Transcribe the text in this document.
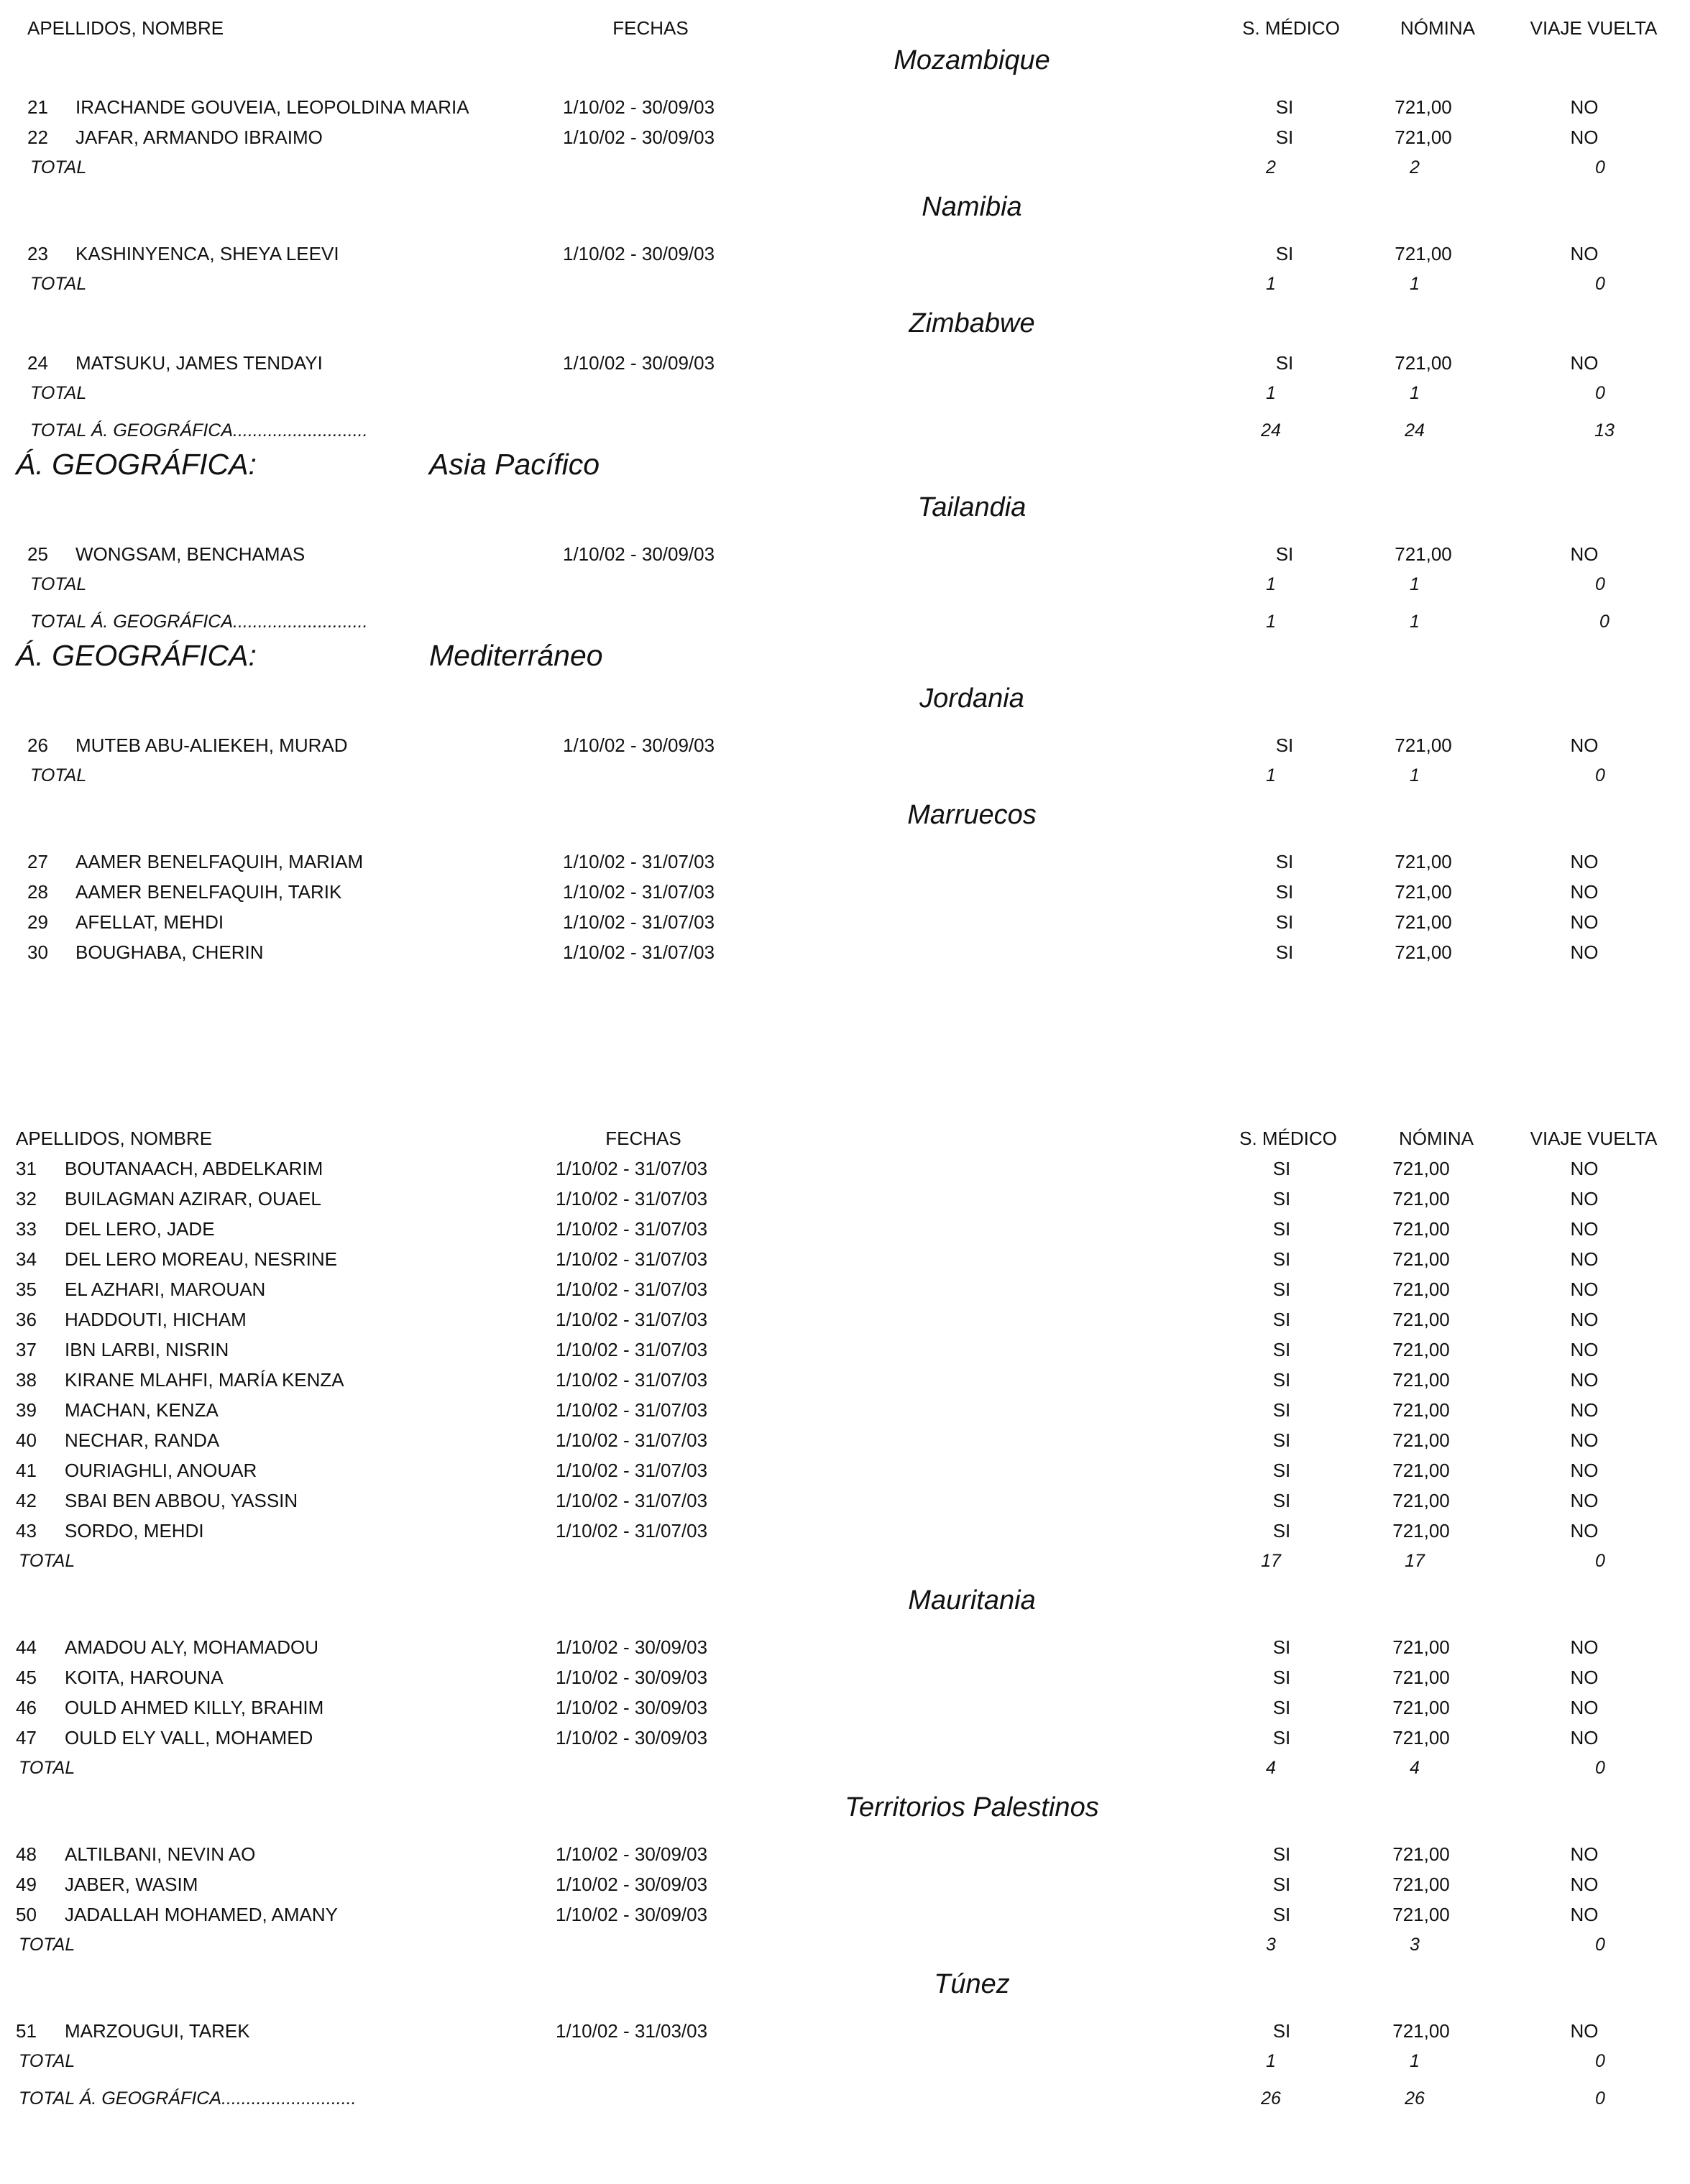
APELLIDOS, NOMBRE	FECHAS	S. MÉDICO	NÓMINA	VIAJE VUELTA
Mozambique
21 IRACHANDE GOUVEIA, LEOPOLDINA MARIA	1/10/02 - 30/09/03	SI	721,00	NO
22 JAFAR, ARMANDO IBRAIMO	1/10/02 - 30/09/03	SI	721,00	NO
TOTAL	2	2	0
Namibia
23 KASHINYENCA, SHEYA LEEVI	1/10/02 - 30/09/03	SI	721,00	NO
TOTAL	1	1	0
Zimbabwe
24 MATSUKU, JAMES TENDAYI	1/10/02 - 30/09/03	SI	721,00	NO
TOTAL	1	1	0
TOTAL Á. GEOGRÁFICA...........................	24	24	13
Á. GEOGRÁFICA:	Asia Pacífico
Tailandia
25 WONGSAM, BENCHAMAS	1/10/02 - 30/09/03	SI	721,00	NO
TOTAL	1	1	0
TOTAL Á. GEOGRÁFICA...........................	1	1	0
Á. GEOGRÁFICA:	Mediterráneo
Jordania
26 MUTEB ABU-ALIEKEH, MURAD	1/10/02 - 30/09/03	SI	721,00	NO
TOTAL	1	1	0
Marruecos
27 AAMER BENELFAQUIH, MARIAM	1/10/02 - 31/07/03	SI	721,00	NO
28 AAMER BENELFAQUIH, TARIK	1/10/02 - 31/07/03	SI	721,00	NO
29 AFELLAT, MEHDI	1/10/02 - 31/07/03	SI	721,00	NO
30 BOUGHABA, CHERIN	1/10/02 - 31/07/03	SI	721,00	NO
APELLIDOS, NOMBRE	FECHAS	S. MÉDICO	NÓMINA	VIAJE VUELTA
31 BOUTANAACH, ABDELKARIM	1/10/02 - 31/07/03	SI	721,00	NO
32 BUILAGMAN AZIRAR, OUAEL	1/10/02 - 31/07/03	SI	721,00	NO
33 DEL LERO, JADE	1/10/02 - 31/07/03	SI	721,00	NO
34 DEL LERO MOREAU, NESRINE	1/10/02 - 31/07/03	SI	721,00	NO
35 EL AZHARI, MAROUAN	1/10/02 - 31/07/03	SI	721,00	NO
36 HADDOUTI, HICHAM	1/10/02 - 31/07/03	SI	721,00	NO
37 IBN LARBI, NISRIN	1/10/02 - 31/07/03	SI	721,00	NO
38 KIRANE MLAHFI, MARÍA KENZA	1/10/02 - 31/07/03	SI	721,00	NO
39 MACHAN, KENZA	1/10/02 - 31/07/03	SI	721,00	NO
40 NECHAR, RANDA	1/10/02 - 31/07/03	SI	721,00	NO
41 OURIAGHLI, ANOUAR	1/10/02 - 31/07/03	SI	721,00	NO
42 SBAI BEN ABBOU, YASSIN	1/10/02 - 31/07/03	SI	721,00	NO
43 SORDO, MEHDI	1/10/02 - 31/07/03	SI	721,00	NO
TOTAL	17	17	0
Mauritania
44 AMADOU ALY, MOHAMADOU	1/10/02 - 30/09/03	SI	721,00	NO
45 KOITA, HAROUNA	1/10/02 - 30/09/03	SI	721,00	NO
46 OULD AHMED KILLY, BRAHIM	1/10/02 - 30/09/03	SI	721,00	NO
47 OULD ELY VALL, MOHAMED	1/10/02 - 30/09/03	SI	721,00	NO
TOTAL	4	4	0
Territorios Palestinos
48 ALTILBANI, NEVIN AO	1/10/02 - 30/09/03	SI	721,00	NO
49 JABER, WASIM	1/10/02 - 30/09/03	SI	721,00	NO
50 JADALLAH MOHAMED, AMANY	1/10/02 - 30/09/03	SI	721,00	NO
TOTAL	3	3	0
Túnez
51 MARZOUGUI, TAREK	1/10/02 - 31/03/03	SI	721,00	NO
TOTAL	1	1	0
TOTAL Á. GEOGRÁFICA...........................	26	26	0
